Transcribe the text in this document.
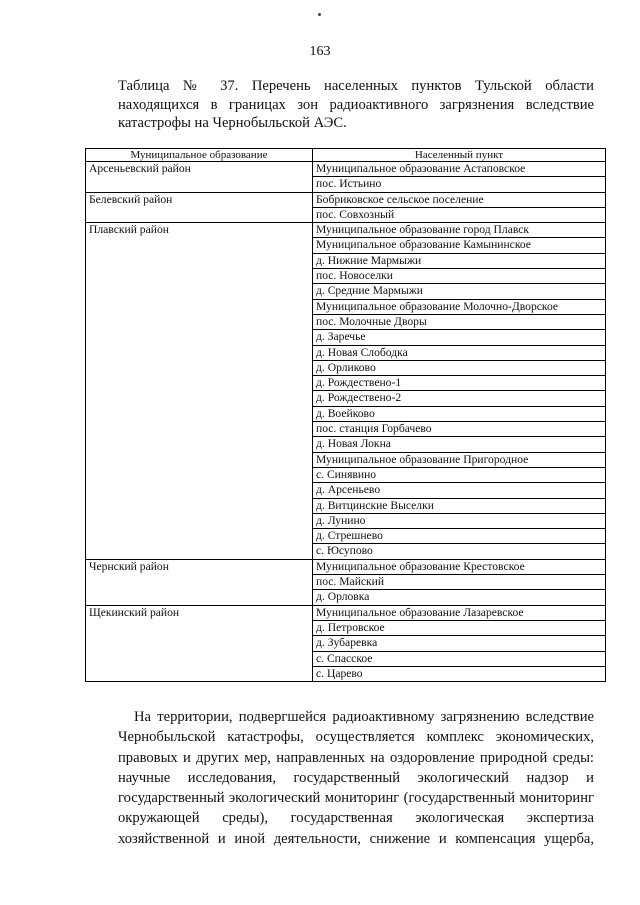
163
Таблица № 37. Перечень населенных пунктов Тульской области
находящихся в границах зон радиоактивного загрязнения вследствие
катастрофы на Чернобыльской АЭС.
Муниципальное образование	Населенный пункт
Арсеньевский район	Муниципальное образование Астаповское
	пос. Истьино
Белевский район	Бобриковское сельское поселение
	пос. Совхозный
Плавский район	Муниципальное образование город Плавск
	Муниципальное образование Камынинское
	д. Нижние Мармыжи
	пос. Новоселки
	д. Средние Мармыжи
	Муниципальное образование Молочно-Дворское
	пос. Молочные Дворы
	д. Заречье
	д. Новая Слободка
	д. Орликово
	д. Рождествено-1
	д. Рождествено-2
	д. Воейково
	пос. станция Горбачево
	д. Новая Локна
	Муниципальное образование Пригородное
	с. Синявино
	д. Арсеньево
	д. Витцинские Выселки
	д. Лунино
	д. Стрешнево
	с. Юсупово
Чернский район	Муниципальное образование Крестовское
	пос. Майский
	д. Орловка
Щекинский район	Муниципальное образование Лазаревское
	д. Петровское
	д. Зубаревка
	с. Спасское
	с. Царево
На территории, подвергшейся радиоактивному загрязнению вследствие
Чернобыльской катастрофы, осуществляется комплекс экономических,
правовых и других мер, направленных на оздоровление природной среды:
научные исследования, государственный экологический надзор и
государственный экологический мониторинг (государственный мониторинг
окружающей среды), государственная экологическая экспертиза
хозяйственной и иной деятельности, снижение и компенсация ущерба,
